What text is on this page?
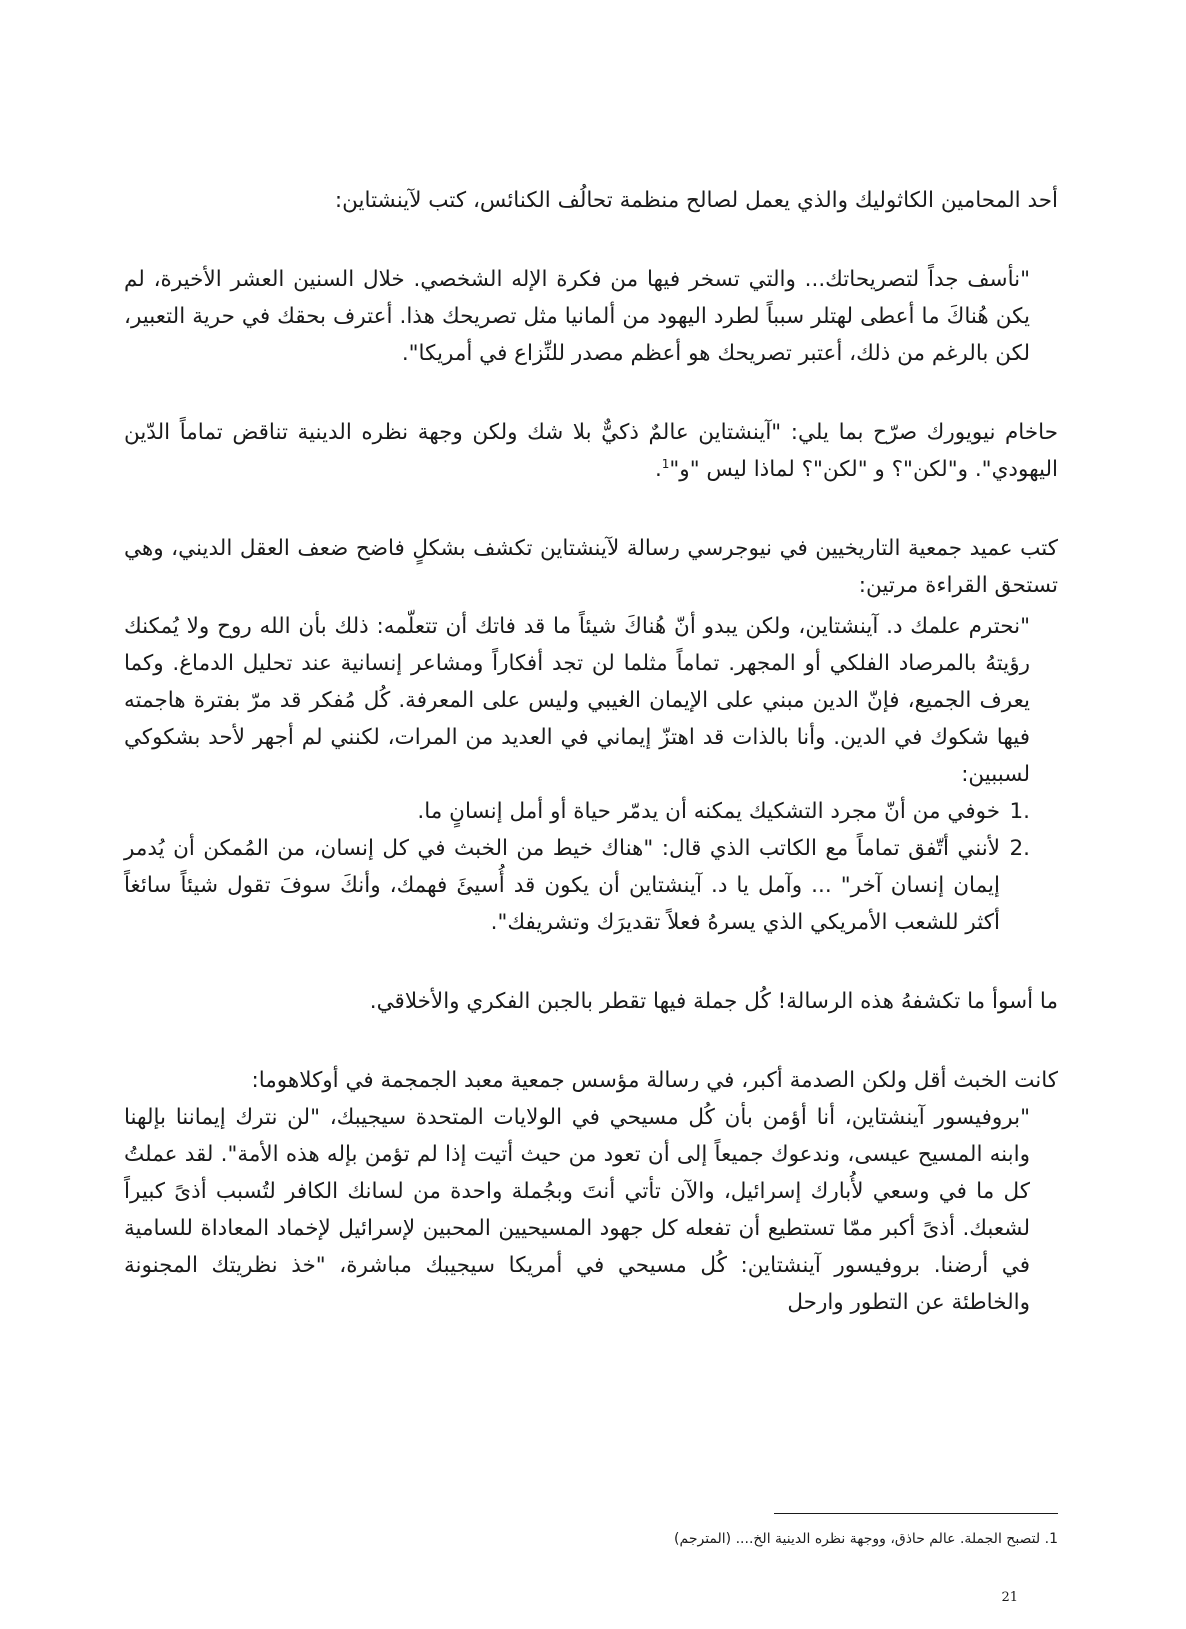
أحد المحامين الكاثوليك والذي يعمل لصالح منظمة تحالُف الكنائس، كتب لآينشتاين:

"نأسف جداً لتصريحاتك... والتي تسخر فيها من فكرة الإله الشخصي. خلال السنين العشر الأخيرة، لم يكن هُناكَ ما أعطى لهتلر سبباً لطرد اليهود من ألمانيا مثل تصريحك هذا. أعترف بحقك في حرية التعبير، لكن بالرغم من ذلك، أعتبر تصريحك هو أعظم مصدر للنِّزاع في أمريكا".

حاخام نيويورك صرّح بما يلي: "آينشتاين عالمٌ ذكيٌّ بلا شك ولكن وجهة نظره الدينية تناقض تماماً الدّين اليهودي". و"لكن"؟ و "لكن"؟ لماذا ليس "و"$^1$.

كتب عميد جمعية التاريخيين في نيوجرسي رسالة لآينشتاين تكشف بشكلٍ فاضح ضعف العقل الديني، وهي تستحق القراءة مرتين:

"نحترم علمك د. آينشتاين، ولكن يبدو أنّ هُناكَ شيئاً ما قد فاتك أن تتعلّمه: ذلك بأن الله روح ولا يُمكنك رؤيتهُ بالمرصاد الفلكي أو المجهر. تماماً مثلما لن تجد أفكاراً ومشاعر إنسانية عند تحليل الدماغ. وكما يعرف الجميع، فإنّ الدين مبني على الإيمان الغيبي وليس على المعرفة. كُل مُفكر قد مرّ بفترة هاجمته فيها شكوك في الدين. وأنا بالذات قد اهتزّ إيماني في العديد من المرات، لكنني لم أجهر لأحد بشكوكي لسببين:

1.
خوفي من أنّ مجرد التشكيك يمكنه أن يدمّر حياة أو أمل إنسانٍ ما.
2.
لأنني أتّفق تماماً مع الكاتب الذي قال: "هناك خيط من الخبث في كل إنسان، من المُمكن أن يُدمر إيمان إنسان آخر" ... وآمل يا د. آينشتاين أن يكون قد أُسيئَ فهمك، وأنكَ سوفَ تقول شيئاً سائغاً أكثر للشعب الأمريكي الذي يسرهُ فعلاً تقديرَك وتشريفك".

ما أسوأ ما تكشفهُ هذه الرسالة! كُل جملة فيها تقطر بالجبن الفكري والأخلاقي.

كانت الخبث أقل ولكن الصدمة أكبر، في رسالة مؤسس جمعية معبد الجمجمة في أوكلاهوما:

"بروفيسور آينشتاين، أنا أؤمن بأن كُل مسيحي في الولايات المتحدة سيجيبك، "لن نترك إيماننا بإلهنا وابنه المسيح عيسى، وندعوك جميعاً إلى أن تعود من حيث أتيت إذا لم تؤمن بإله هذه الأمة". لقد عملتُ كل ما في وسعي لأُبارك إسرائيل، والآن تأتي أنتَ وبجُملة واحدة من لسانك الكافر لتُسبب أذىً كبيراً لشعبك. أذىً أكبر ممّا تستطيع أن تفعله كل جهود المسيحيين المحبين لإسرائيل لإخماد المعاداة للسامية في أرضنا. بروفيسور آينشتاين: كُل مسيحي في أمريكا سيجيبك مباشرة، "خذ نظريتك المجنونة والخاطئة عن التطور وارحل

1. لتصبح الجملة. عالم حاذق، ووجهة نظره الدينية الخ.... (المترجم)
21
